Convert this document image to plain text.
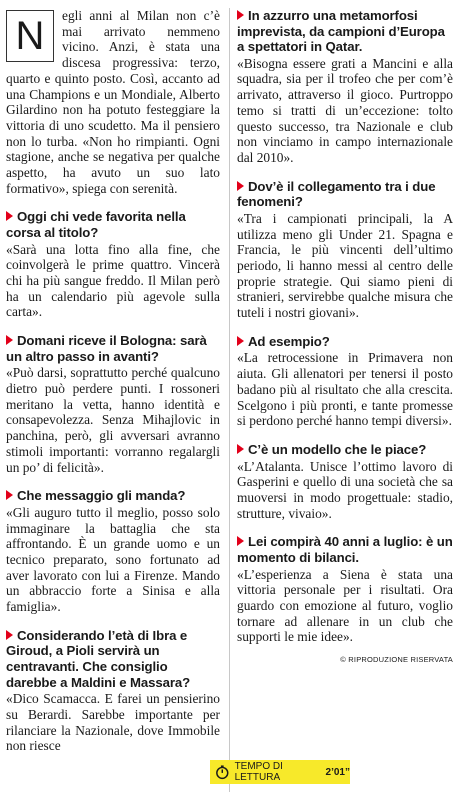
N	egli anni al Milan non c’è mai arrivato nemmeno vicino. Anzi, è stata una discesa progressiva: terzo, quarto e quinto posto. Così, accanto ad una Champions e un Mondiale, Alberto Gilardino non ha potuto festeggiare la vittoria di uno scudetto. Ma il pensiero non lo turba. «Non ho rimpianti. Ogni stagione, anche se negativa per qualche aspetto, ha avuto un suo lato formativo», spiega con serenità.

Oggi chi vede favorita nella corsa al titolo?

«Sarà una lotta fino alla fine, che coinvolgerà le prime quattro. Vincerà chi ha più sangue freddo. Il Milan però ha un calendario più agevole sulla carta».

Domani riceve il Bologna: sarà un altro passo in avanti?

«Può darsi, soprattutto perché qualcuno dietro può perdere punti. I rossoneri meritano la vetta, hanno identità e consapevolezza. Senza Mihajlovic in panchina, però, gli avversari avranno stimoli importanti: vorranno regalargli un po’ di felicità».

Che messaggio gli manda?

«Gli auguro tutto il meglio, posso solo immaginare la battaglia che sta affrontando. È un grande uomo e un tecnico preparato, sono fortunato ad aver lavorato con lui a Firenze. Mando un abbraccio forte a Sinisa e alla famiglia».

Considerando l’età di Ibra e Giroud, a Pioli servirà un centravanti. Che consiglio darebbe a Maldini e Massara?

«Dico Scamacca. E farei un pensierino su Berardi. Sarebbe importante per rilanciare la Nazionale, dove Immobile non riesce

In azzurro una metamorfosi imprevista, da campioni d’Europa a spettatori in Qatar.

«Bisogna essere grati a Mancini e alla squadra, sia per il trofeo che per com’è arrivato, attraverso il gioco. Purtroppo temo si tratti di un’eccezione: tolto questo successo, tra Nazionale e club non vinciamo in campo internazionale dal 2010».

Dov’è il collegamento tra i due fenomeni?

«Tra i campionati principali, la A utilizza meno gli Under 21. Spagna e Francia, le più vincenti dell’ultimo periodo, li hanno messi al centro delle proprie strategie. Qui siamo pieni di stranieri, servirebbe qualche misura che tuteli i nostri giovani».

Ad esempio?

«La retrocessione in Primavera non aiuta. Gli allenatori per tenersi il posto badano più al risultato che alla crescita. Scelgono i più pronti, e tante promesse si perdono perché hanno tempi diversi».

C’è un modello che le piace?

«L’Atalanta. Unisce l’ottimo lavoro di Gasperini e quello di una società che sa muoversi in modo progettuale: stadio, strutture, vivaio».

Lei compirà 40 anni a luglio: è un momento di bilanci.

«L’esperienza a Siena è stata una vittoria personale per i risultati. Ora guardo con emozione al futuro, voglio tornare ad allenare in un club che supporti le mie idee».

© RIPRODUZIONE RISERVATA
TEMPO DI LETTURA	2’01”
